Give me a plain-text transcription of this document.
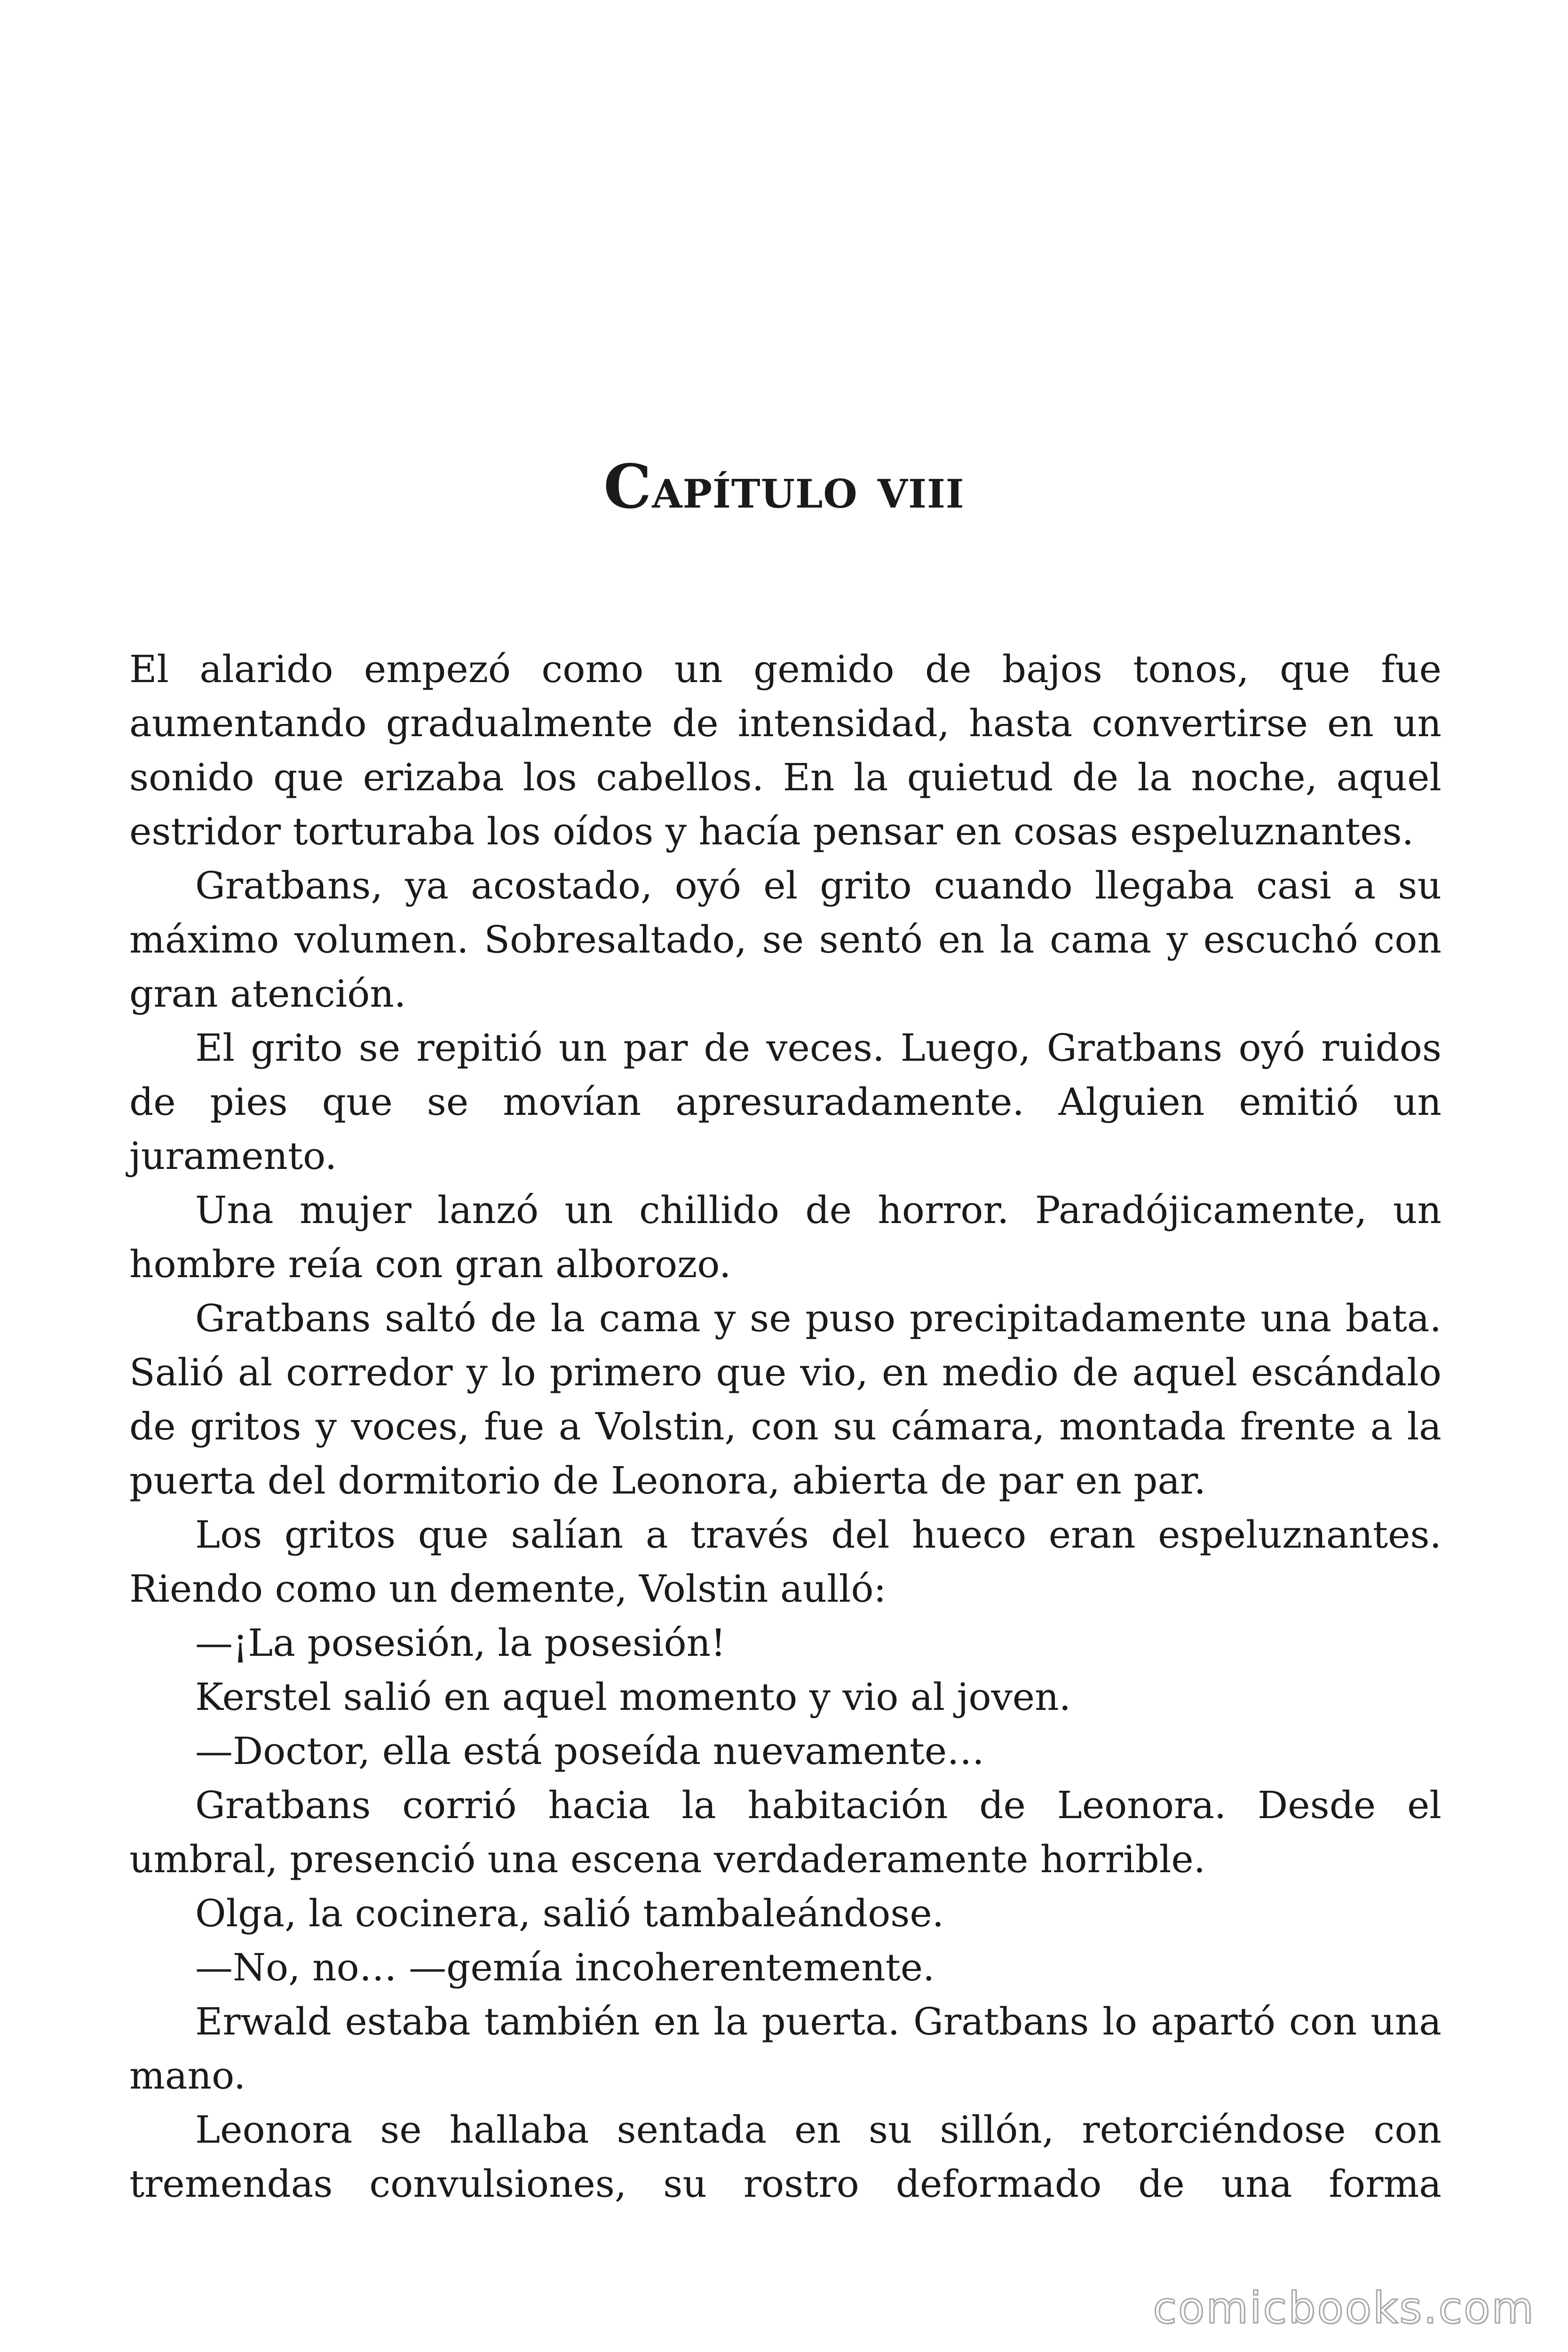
Capítulo viii

El alarido empezó como un gemido de bajos tonos, que fue aumentando gradualmente de intensidad, hasta convertirse en un sonido que erizaba los cabellos. En la quietud de la noche, aquel estridor torturaba los oídos y hacía pensar en cosas espeluznantes.

Gratbans, ya acostado, oyó el grito cuando llegaba casi a su máximo volumen. Sobresaltado, se sentó en la cama y escuchó con gran atención.

El grito se repitió un par de veces. Luego, Gratbans oyó ruidos de pies que se movían apresuradamente. Alguien emitió un juramento.

Una mujer lanzó un chillido de horror. Paradójicamente, un hombre reía con gran alborozo.

Gratbans saltó de la cama y se puso precipitadamente una bata. Salió al corredor y lo primero que vio, en medio de aquel escándalo de gritos y voces, fue a Volstin, con su cámara, montada frente a la puerta del dormitorio de Leonora, abierta de par en par.

Los gritos que salían a través del hueco eran espeluznantes. Riendo como un demente, Volstin aulló:

—¡La posesión, la posesión!

Kerstel salió en aquel momento y vio al joven.

—Doctor, ella está poseída nuevamente…

Gratbans corrió hacia la habitación de Leonora. Desde el umbral, presenció una escena verdaderamente horrible.

Olga, la cocinera, salió tambaleándose.

—No, no… —gemía incoherentemente.

Erwald estaba también en la puerta. Gratbans lo apartó con una mano.

Leonora se hallaba sentada en su sillón, retorciéndose con tremendas convulsiones, su rostro deformado de una forma

comicbooks.com
